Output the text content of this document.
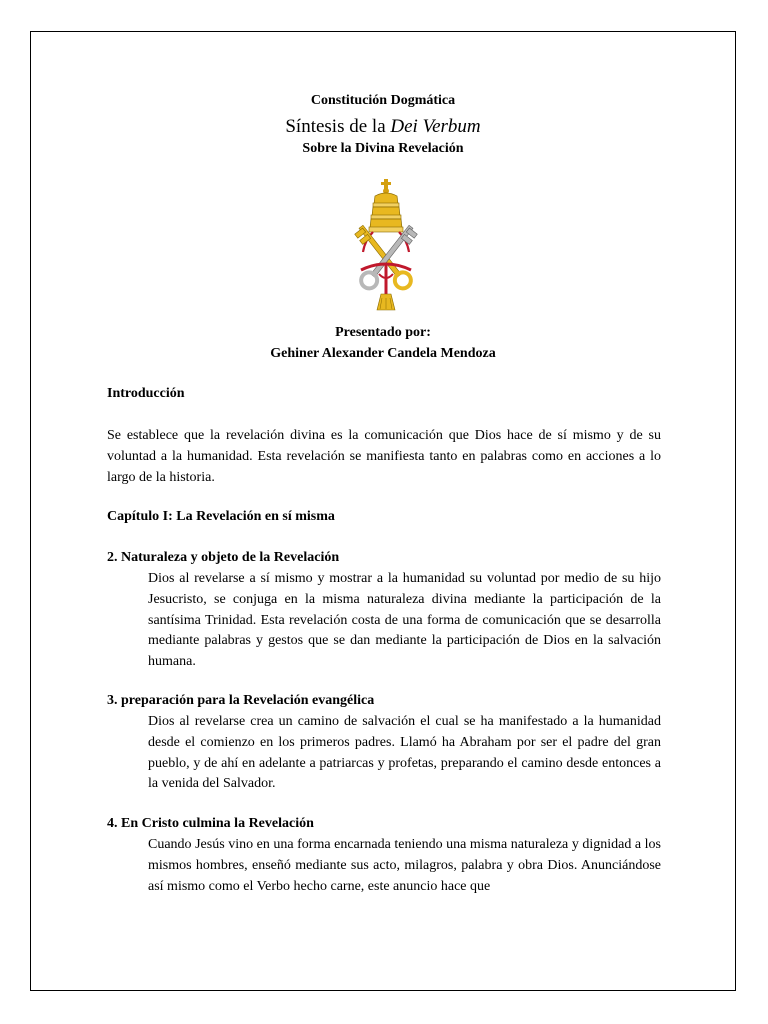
Constitución Dogmática
Síntesis de la Dei Verbum
Sobre la Divina Revelación
Presentado por:
Gehiner Alexander Candela Mendoza
Introducción

Se establece que la revelación divina es la comunicación que Dios hace de sí mismo y de su voluntad a la humanidad. Esta revelación se manifiesta tanto en palabras como en acciones a lo largo de la historia.

Capítulo I: La Revelación en sí misma
2. Naturaleza y objeto de la Revelación

Dios al revelarse a sí mismo y mostrar a la humanidad su voluntad por medio de su hijo Jesucristo, se conjuga en la misma naturaleza divina mediante la participación de la santísima Trinidad. Esta revelación costa de una forma de comunicación que se desarrolla mediante palabras y gestos que se dan mediante la participación de Dios en la salvación humana.

3. preparación para la Revelación evangélica

Dios al revelarse crea un camino de salvación el cual se ha manifestado a la humanidad desde el comienzo en los primeros padres. Llamó ha Abraham por ser el padre del gran pueblo, y de ahí en adelante a patriarcas y profetas, preparando el camino desde entonces a la venida del Salvador.

4. En Cristo culmina la Revelación

Cuando Jesús vino en una forma encarnada teniendo una misma naturaleza y dignidad a los mismos hombres, enseñó mediante sus acto, milagros, palabra y obra Dios. Anunciándose así mismo como el Verbo hecho carne, este anuncio hace que
